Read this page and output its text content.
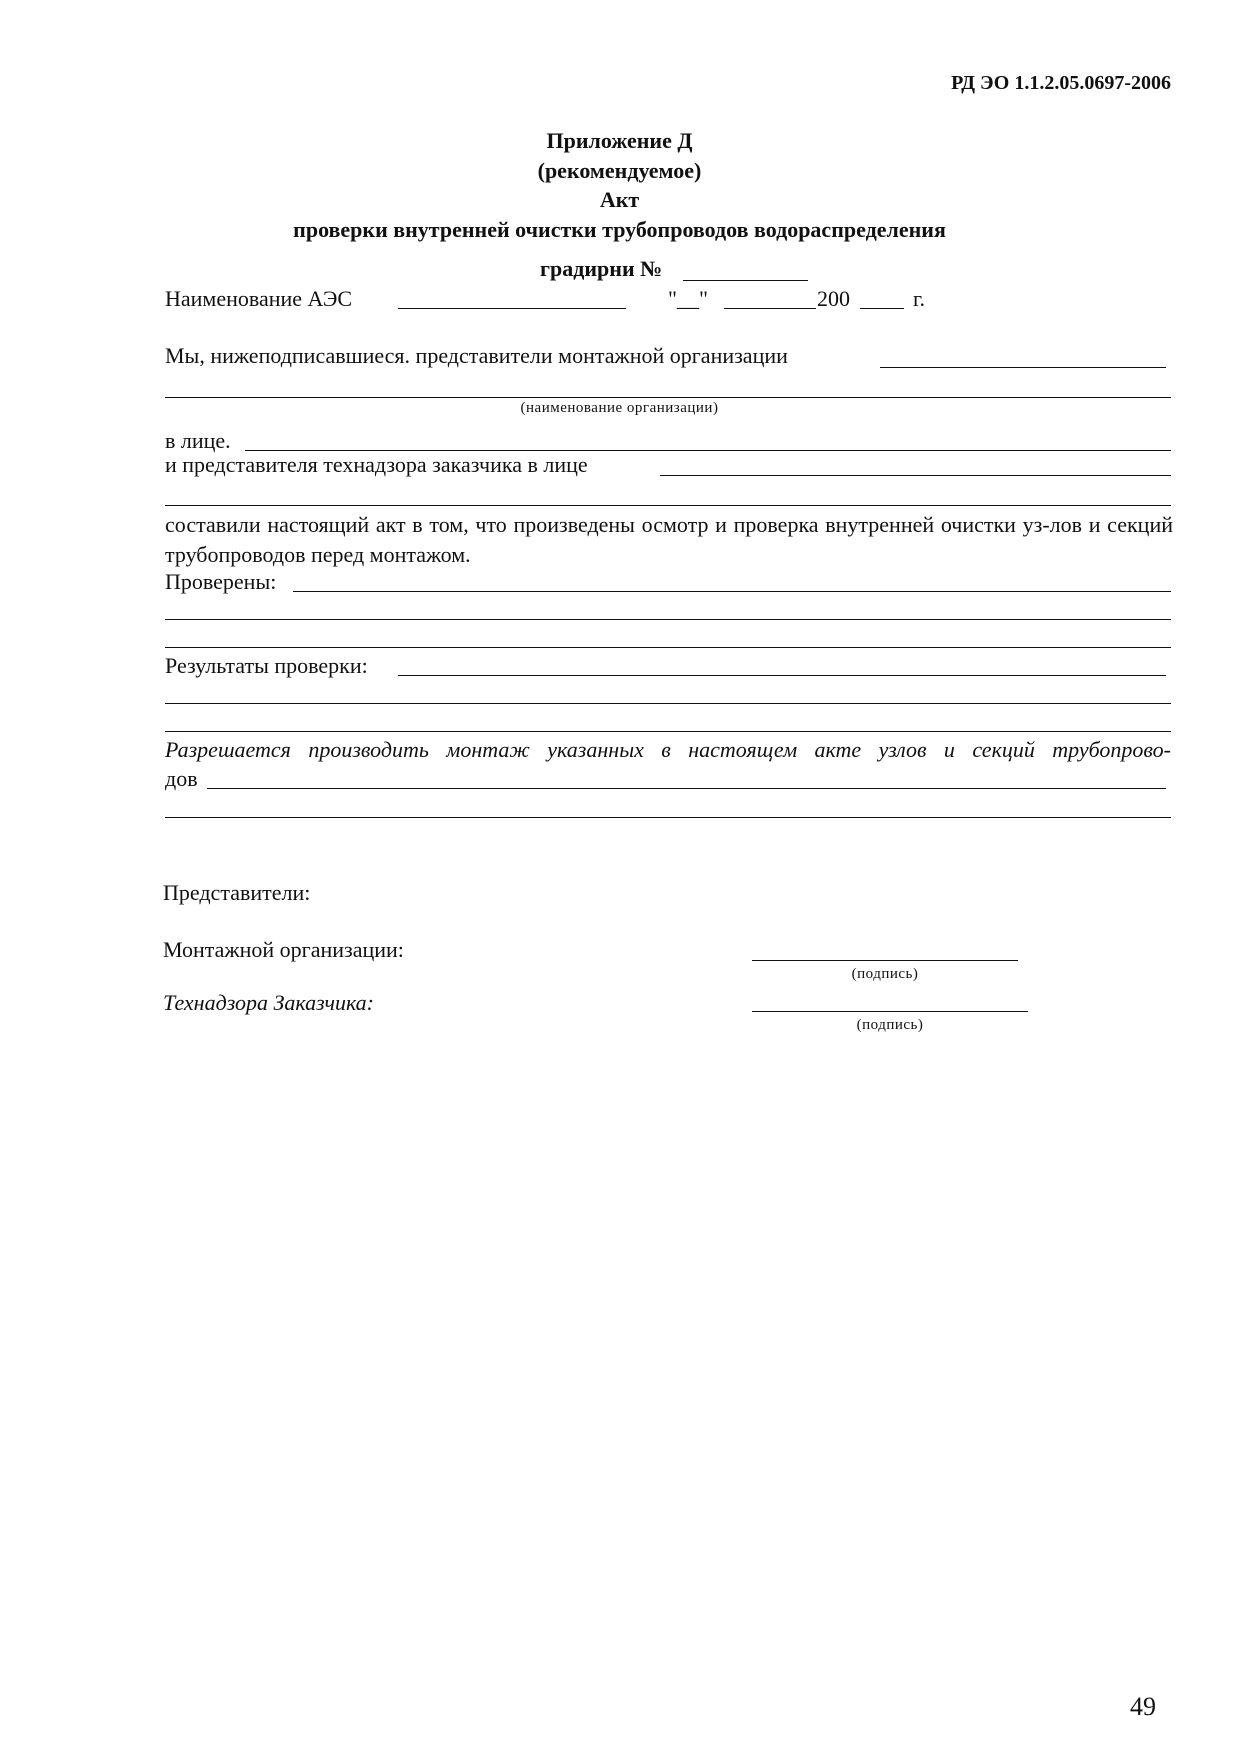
РД ЭО 1.1.2.05.0697-2006
Приложение Д
(рекомендуемое)
Акт
проверки внутренней очистки трубопроводов водораспределения
градирни №
Наименование АЭС	"__"	200	г.
Мы, нижеподписавшиеся. представители монтажной организации
(наименование организации)
в лице.
и представителя технадзора заказчика в лице
составили настоящий акт в том, что произведены осмотр и проверка внутренней очистки уз-лов и секций трубопроводов перед монтажом.
Проверены:
Результаты проверки:
Разрешается производить монтаж указанных в настоящем акте узлов и секций трубопрово-
дов
Представители:
Монтажной организации:
(подпись)
Технадзора Заказчика:
(подпись)
49
